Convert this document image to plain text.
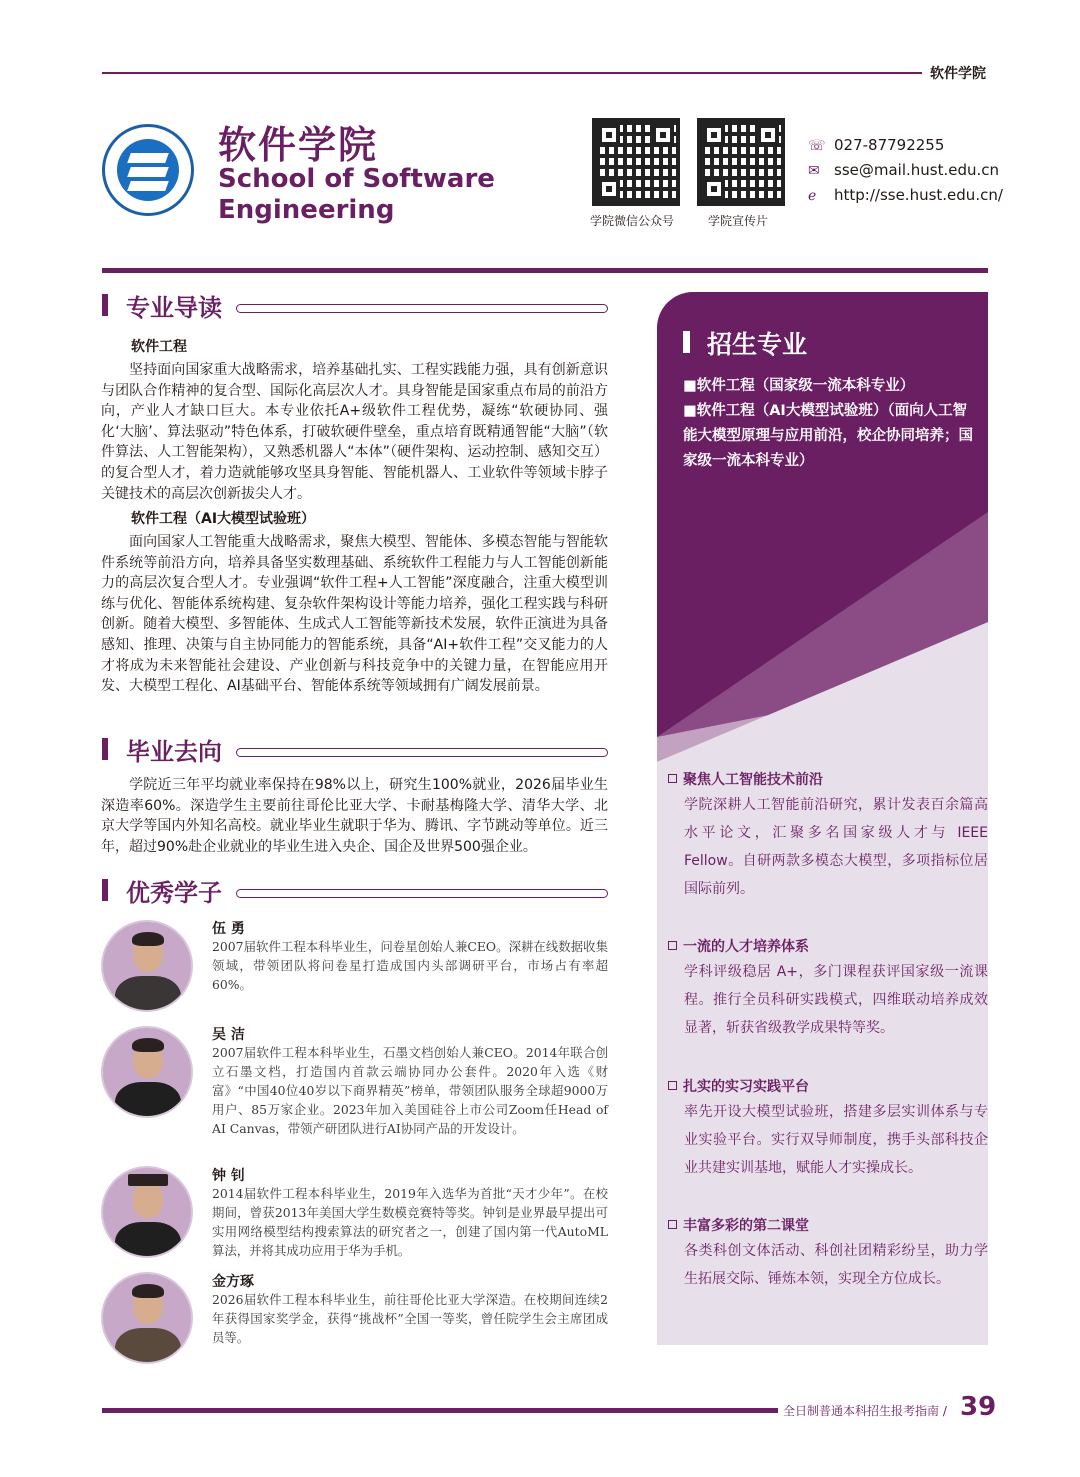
软件学院
软件学院
School of Software Engineering	学院微信公众号	学院宣传片
☏ 027-87792255
✉ sse@mail.hust.edu.cn
ℯ http://sse.hust.edu.cn/
专业导读
软件工程
坚持面向国家重大战略需求，培养基础扎实、工程实践能力强，具有创新意识与团队合作精神的复合型、国际化高层次人才。具身智能是国家重点布局的前沿方向，产业人才缺口巨大。本专业依托A+级软件工程优势，凝练“软硬协同、强化‘大脑’、算法驱动”特色体系，打破软硬件壁垒，重点培育既精通智能“大脑”（软件算法、人工智能架构），又熟悉机器人“本体”（硬件架构、运动控制、感知交互）的复合型人才，着力造就能够攻坚具身智能、智能机器人、工业软件等领域卡脖子关键技术的高层次创新拔尖人才。
软件工程（AI大模型试验班）
面向国家人工智能重大战略需求，聚焦大模型、智能体、多模态智能与智能软件系统等前沿方向，培养具备坚实数理基础、系统软件工程能力与人工智能创新能力的高层次复合型人才。专业强调“软件工程+人工智能”深度融合，注重大模型训练与优化、智能体系统构建、复杂软件架构设计等能力培养，强化工程实践与科研创新。随着大模型、多智能体、生成式人工智能等新技术发展，软件正演进为具备感知、推理、决策与自主协同能力的智能系统，具备“AI+软件工程”交叉能力的人才将成为未来智能社会建设、产业创新与科技竞争中的关键力量，在智能应用开发、大模型工程化、AI基础平台、智能体系统等领域拥有广阔发展前景。
毕业去向
学院近三年平均就业率保持在98%以上，研究生100%就业，2026届毕业生深造率60%。深造学生主要前往哥伦比亚大学、卡耐基梅隆大学、清华大学、北京大学等国内外知名高校。就业毕业生就职于华为、腾讯、字节跳动等单位。近三年，超过90%赴企业就业的毕业生进入央企、国企及世界500强企业。
优秀学子
伍 勇
2007届软件工程本科毕业生，问卷星创始人兼CEO。深耕在线数据收集领域，带领团队将问卷星打造成国内头部调研平台，市场占有率超60%。
吴 洁
2007届软件工程本科毕业生，石墨文档创始人兼CEO。2014年联合创立石墨文档，打造国内首款云端协同办公套件。2020年入选《财富》“中国40位40岁以下商界精英”榜单，带领团队服务全球超9000万用户、85万家企业。2023年加入美国硅谷上市公司Zoom任Head of AI Canvas，带领产研团队进行AI协同产品的开发设计。
钟 钊
2014届软件工程本科毕业生，2019年入选华为首批“天才少年”。在校期间，曾获2013年美国大学生数模竞赛特等奖。钟钊是业界最早提出可实用网络模型结构搜索算法的研究者之一，创建了国内第一代AutoML算法，并将其成功应用于华为手机。
金方琢
2026届软件工程本科毕业生，前往哥伦比亚大学深造。在校期间连续2年获得国家奖学金，获得“挑战杯”全国一等奖，曾任院学生会主席团成员等。
招生专业
■软件工程（国家级一流本科专业）
■软件工程（AI大模型试验班）（面向人工智能大模型原理与应用前沿，校企协同培养；国家级一流本科专业）
聚焦人工智能技术前沿
学院深耕人工智能前沿研究，累计发表百余篇高水平论文，汇聚多名国家级人才与 IEEE Fellow。自研两款多模态大模型，多项指标位居国际前列。
一流的人才培养体系
学科评级稳居 A+，多门课程获评国家级一流课程。推行全员科研实践模式，四维联动培养成效显著，斩获省级教学成果特等奖。
扎实的实习实践平台
率先开设大模型试验班，搭建多层实训体系与专业实验平台。实行双导师制度，携手头部科技企业共建实训基地，赋能人才实操成长。
丰富多彩的第二课堂
各类科创文体活动、科创社团精彩纷呈，助力学生拓展交际、锤炼本领，实现全方位成长。
全日制普通本科招生报考指南 / 39
